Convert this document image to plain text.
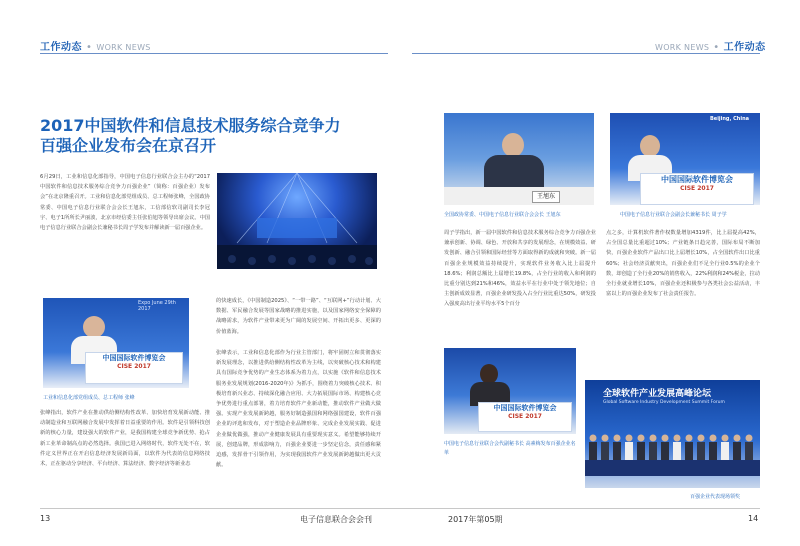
工作动态 • WORK NEWS
2017中国软件和信息技术服务综合竞争力
百强企业发布会在京召开
6月29日，工业和信息化部指导，中国电子信息行业联合会主办的“2017中国软件和信息技术服务综合竞争力百强企业”（简称：百强企业）发布会”在北京隆重召开。工业和信息化部党组成员、总工程师张峰，全国政协常委、中国电子信息行业联合会会长王旭东，工信部信软司副司长李冠宇、电子1所所长尹丽波，北京市经信委主任张伯旭等领导出席会议。中国电子信息行业联合会副会长兼秘书长周子学发布并解读新一届百强企业。
Expo June 29th 2017
中国国际软件博览会
CISE 2017
工业和信息化部党组成员、总工程师 张峰
张峰指出，软件产业在推动供给侧结构性改革、加快培育发展新动能、推动制造业和互联网融合发展中发挥着日益重要的作用。软件是引领科技创新的核心力量，建设强大的软件产业，是我国构建全球竞争新优势、抢占新工业革命制高点的必然选择。我国已进入网络时代，软件无处不在，软件定义世界正在开启信息经济发展新局面，以软件为代表的信息网络技术，正在驱动分享经济、平台经济、算法经济、数字经济等新业态
的快速成长，《中国制造2025》、“一带一路”、“互联网+”行动计划、大数据、军民融合发展等国家战略的推进实施，以及国家网络安全保障的战略需求，为软件产业带来更为广阔的发展空间、开拓出更多、更深的价值蓝海。
张峰表示，工业和信息化部作为行业主管部门，将牢固树立和贯彻落实新发展理念，以推进供给侧结构性改革为主线，以突破核心技术和构建具有国际竞争优势的产业生态体系为着力点，以实施《软件和信息技术服务业发展规划(2016-2020年)》为抓手，围绕着力突破核心技术、积极培育新兴业态、持续深化融合应用、大力拓展国际市场、构建核心竞争优势进行重点部署，着力培育软件产业新动能，推动软件产业做大做强。实现产业发展新跨越，服务好制造强国和网络强国建设，软件百强企业的评选和发布，对于塑造企业品牌形象、完成企业发展实践、促进企业做优做强，推动产业健康发展具有重要现实意义。希望能够持续开展，创建品牌，形成影响力，百强企业要进一步坚定信念，责任感和紧迫感，发挥骨干引领作用，为实现我国软件产业发展新跨越做出更大贡献。
WORK NEWS • 工作动态
王旭东
全国政协常委、中国电子信息行业联合会会长 王旭东
Beijing, China
中国国际软件博览会
CISE 2017
中国电子信息行业联合会副会长兼秘书长 周子学
周子学指出，新一届中国软件和信息技术服务综合竞争力百强企业兼承创新、协调、绿色、开放和共享的发展理念，在规模效益、研发创新、融合引领和国际经营等方面取得新的成就和突破。新一届百强企业规模效益持续提升，实现软件业务收入比上届提升18.6%；利润总额比上届增长19.8%，占全行业的收入和利润的比重分别达到21%和46%，效益水平在行业中处于领先地位；自主创新成效显著，百强企业研发投入占全行业比重达50%，研发投入强度高出行业平均水平5个百分
点之多，计算机软件著作权数量增加4319件，比上届提高42%，占全国总量比重超过10%；产业链条日趋完善，国际布局不断加快，百强企业软件产品出口比上届增长10%，占全国软件出口比重60%；社会经济贡献突出，百强企业们不足全行业0.5%的企业个数，却创造了全行业20%的销售收入，22%利润和24%税金，拉动全行业就业增长10%，百强企业还积极参与各类社会公益活动，丰富以上的百强企业发布了社会责任报告。
中国国际软件博览会
CISE 2017
中国电子信息行业联合会代副秘书长 高素梅发布百强企业名单
全球软件产业发展高峰论坛
Global Software Industry Development Summit Forum
百强企业代表现场领奖
13	电子信息联合会会刊	2017年第05期	14
